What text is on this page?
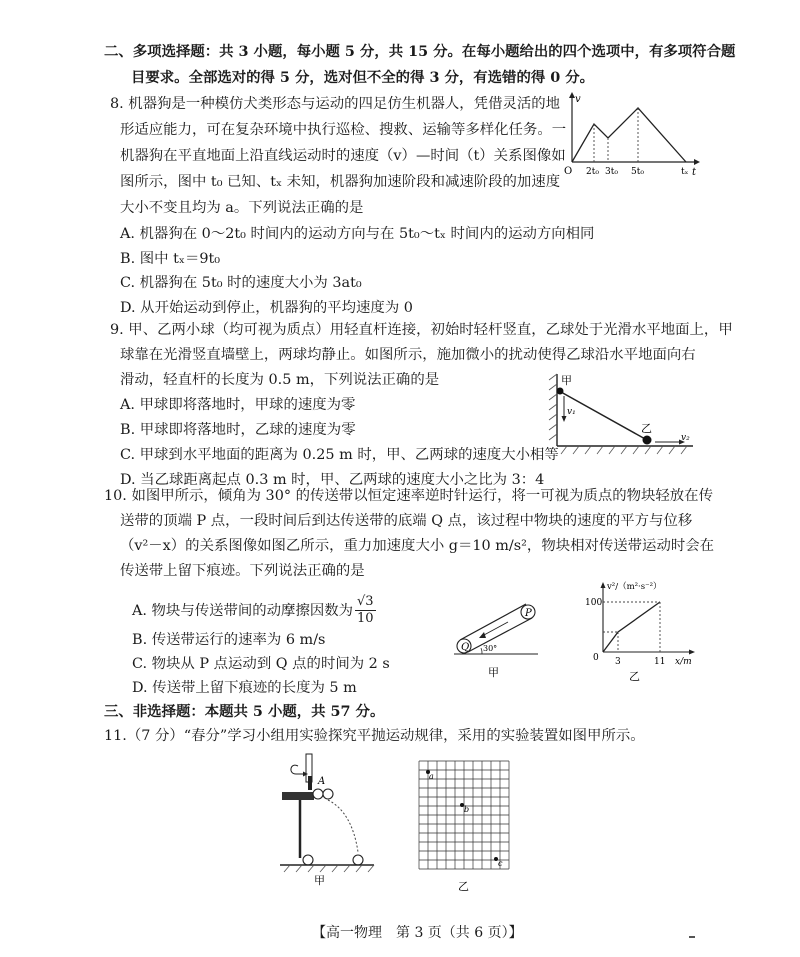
二、多项选择题：共 3 小题，每小题 5 分，共 15 分。在每小题给出的四个选项中，有多项符合题
目要求。全部选对的得 5 分，选对但不全的得 3 分，有选错的得 0 分。
8. 机器狗是一种模仿犬类形态与运动的四足仿生机器人，凭借灵活的地
形适应能力，可在复杂环境中执行巡检、搜救、运输等多样化任务。一
机器狗在平直地面上沿直线运动时的速度（v）—时间（t）关系图像如
图所示，图中 t₀ 已知、tₓ 未知，机器狗加速阶段和减速阶段的加速度
大小不变且均为 a。下列说法正确的是
A. 机器狗在 0～2t₀ 时间内的运动方向与在 5t₀～tₓ 时间内的运动方向相同
B. 图中 tₓ＝9t₀
C. 机器狗在 5t₀ 时的速度大小为 3at₀
D. 从开始运动到停止，机器狗的平均速度为 0
O
v
t
2t₀ 3t₀ 5t₀	tₓ
9. 甲、乙两小球（均可视为质点）用轻直杆连接，初始时轻杆竖直，乙球处于光滑水平地面上，甲
球靠在光滑竖直墙壁上，两球均静止。如图所示，施加微小的扰动使得乙球沿水平地面向右
滑动，轻直杆的长度为 0.5 m，下列说法正确的是
A. 甲球即将落地时，甲球的速度为零
B. 甲球即将落地时，乙球的速度为零
C. 甲球到水平地面的距离为 0.25 m 时，甲、乙两球的速度大小相等
D. 当乙球距离起点 0.3 m 时，甲、乙两球的速度大小之比为 3：4
甲
乙
v₁
v₂
10. 如图甲所示，倾角为 30° 的传送带以恒定速率逆时针运行，将一可视为质点的物块轻放在传
送带的顶端 P 点，一段时间后到达传送带的底端 Q 点，该过程中物块的速度的平方与位移
（v²－x）的关系图像如图乙所示，重力加速度大小 g＝10 m/s²，物块相对传送带运动时会在
传送带上留下痕迹。下列说法正确的是
A. 物块与传送带间的动摩擦因数为 $\frac{√3}{10}$
B. 传送带运行的速率为 6 m/s
C. 物块从 P 点运动到 Q 点的时间为 2 s
D. 传送带上留下痕迹的长度为 5 m
Q
P
30°
甲
v²/（m²·s⁻²）
100
0 3	11 x/m
乙
三、非选择题：本题共 5 小题，共 57 分。
11.（7 分）“春分”学习小组用实验探究平抛运动规律，采用的实验装置如图甲所示。
A
甲
a
b
c
乙
【高一物理　第 3 页（共 6 页）】
